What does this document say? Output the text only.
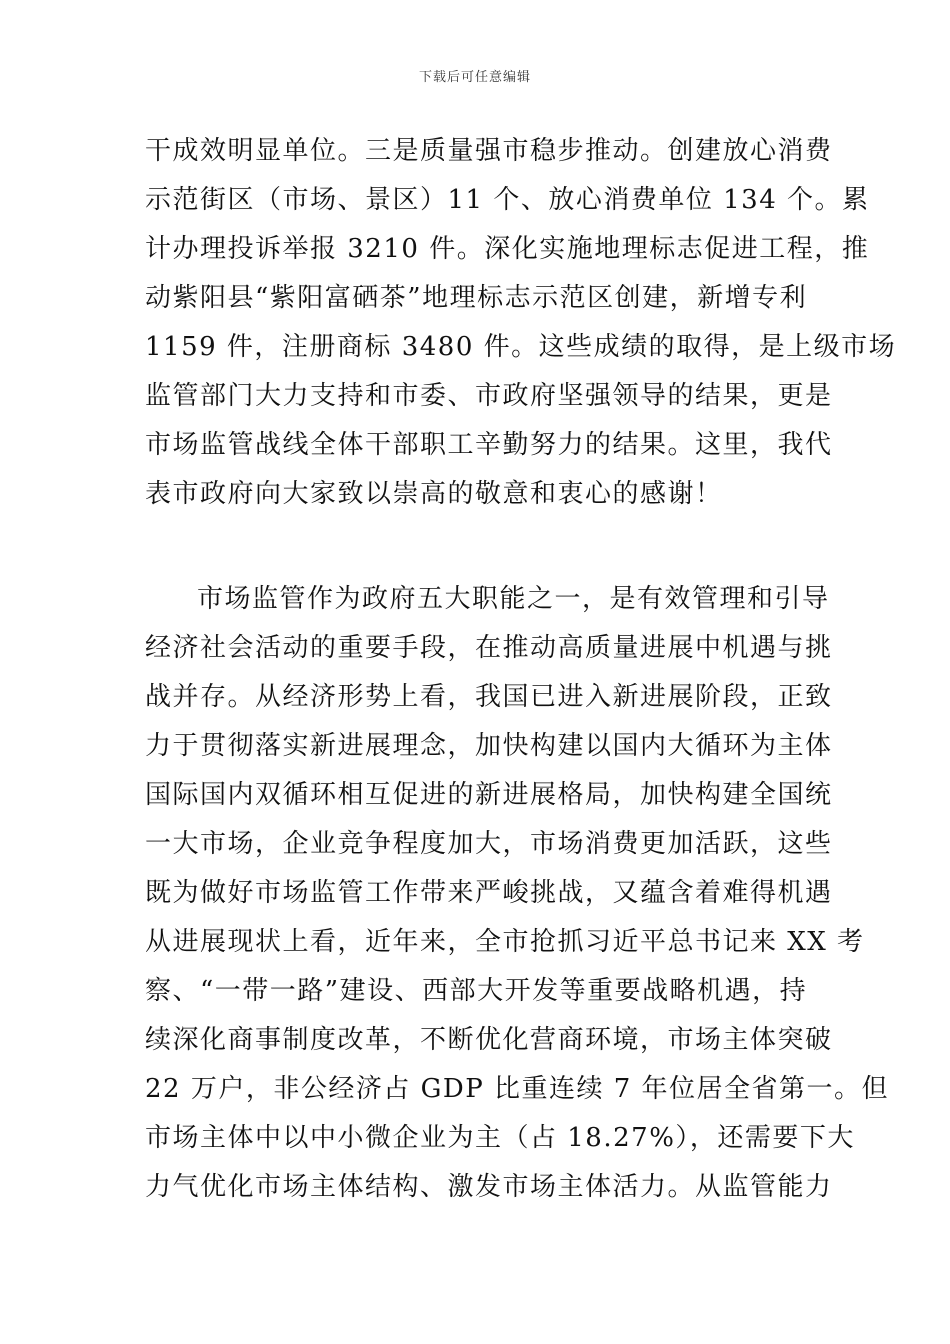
下载后可任意编辑
干成效明显单位。三是质量强市稳步推动。创建放心消费
示范街区（市场、景区）11 个、放心消费单位 134 个。累
计办理投诉举报 3210 件。深化实施地理标志促进工程，推
动紫阳县“紫阳富硒茶”地理标志示范区创建，新增专利
1159 件，注册商标 3480 件。这些成绩的取得，是上级市场
监管部门大力支持和市委、市政府坚强领导的结果，更是
市场监管战线全体干部职工辛勤努力的结果。这里，我代
表市政府向大家致以崇高的敬意和衷心的感谢！
市场监管作为政府五大职能之一，是有效管理和引导
经济社会活动的重要手段，在推动高质量进展中机遇与挑
战并存。从经济形势上看，我国已进入新进展阶段，正致
力于贯彻落实新进展理念，加快构建以国内大循环为主体
国际国内双循环相互促进的新进展格局，加快构建全国统
一大市场，企业竞争程度加大，市场消费更加活跃，这些
既为做好市场监管工作带来严峻挑战，又蕴含着难得机遇
从进展现状上看，近年来，全市抢抓习近平总书记来 XX 考
察、“一带一路”建设、西部大开发等重要战略机遇，持
续深化商事制度改革，不断优化营商环境，市场主体突破
22 万户，非公经济占 GDP 比重连续 7 年位居全省第一。但
市场主体中以中小微企业为主（占 18.27%），还需要下大
力气优化市场主体结构、激发市场主体活力。从监管能力
